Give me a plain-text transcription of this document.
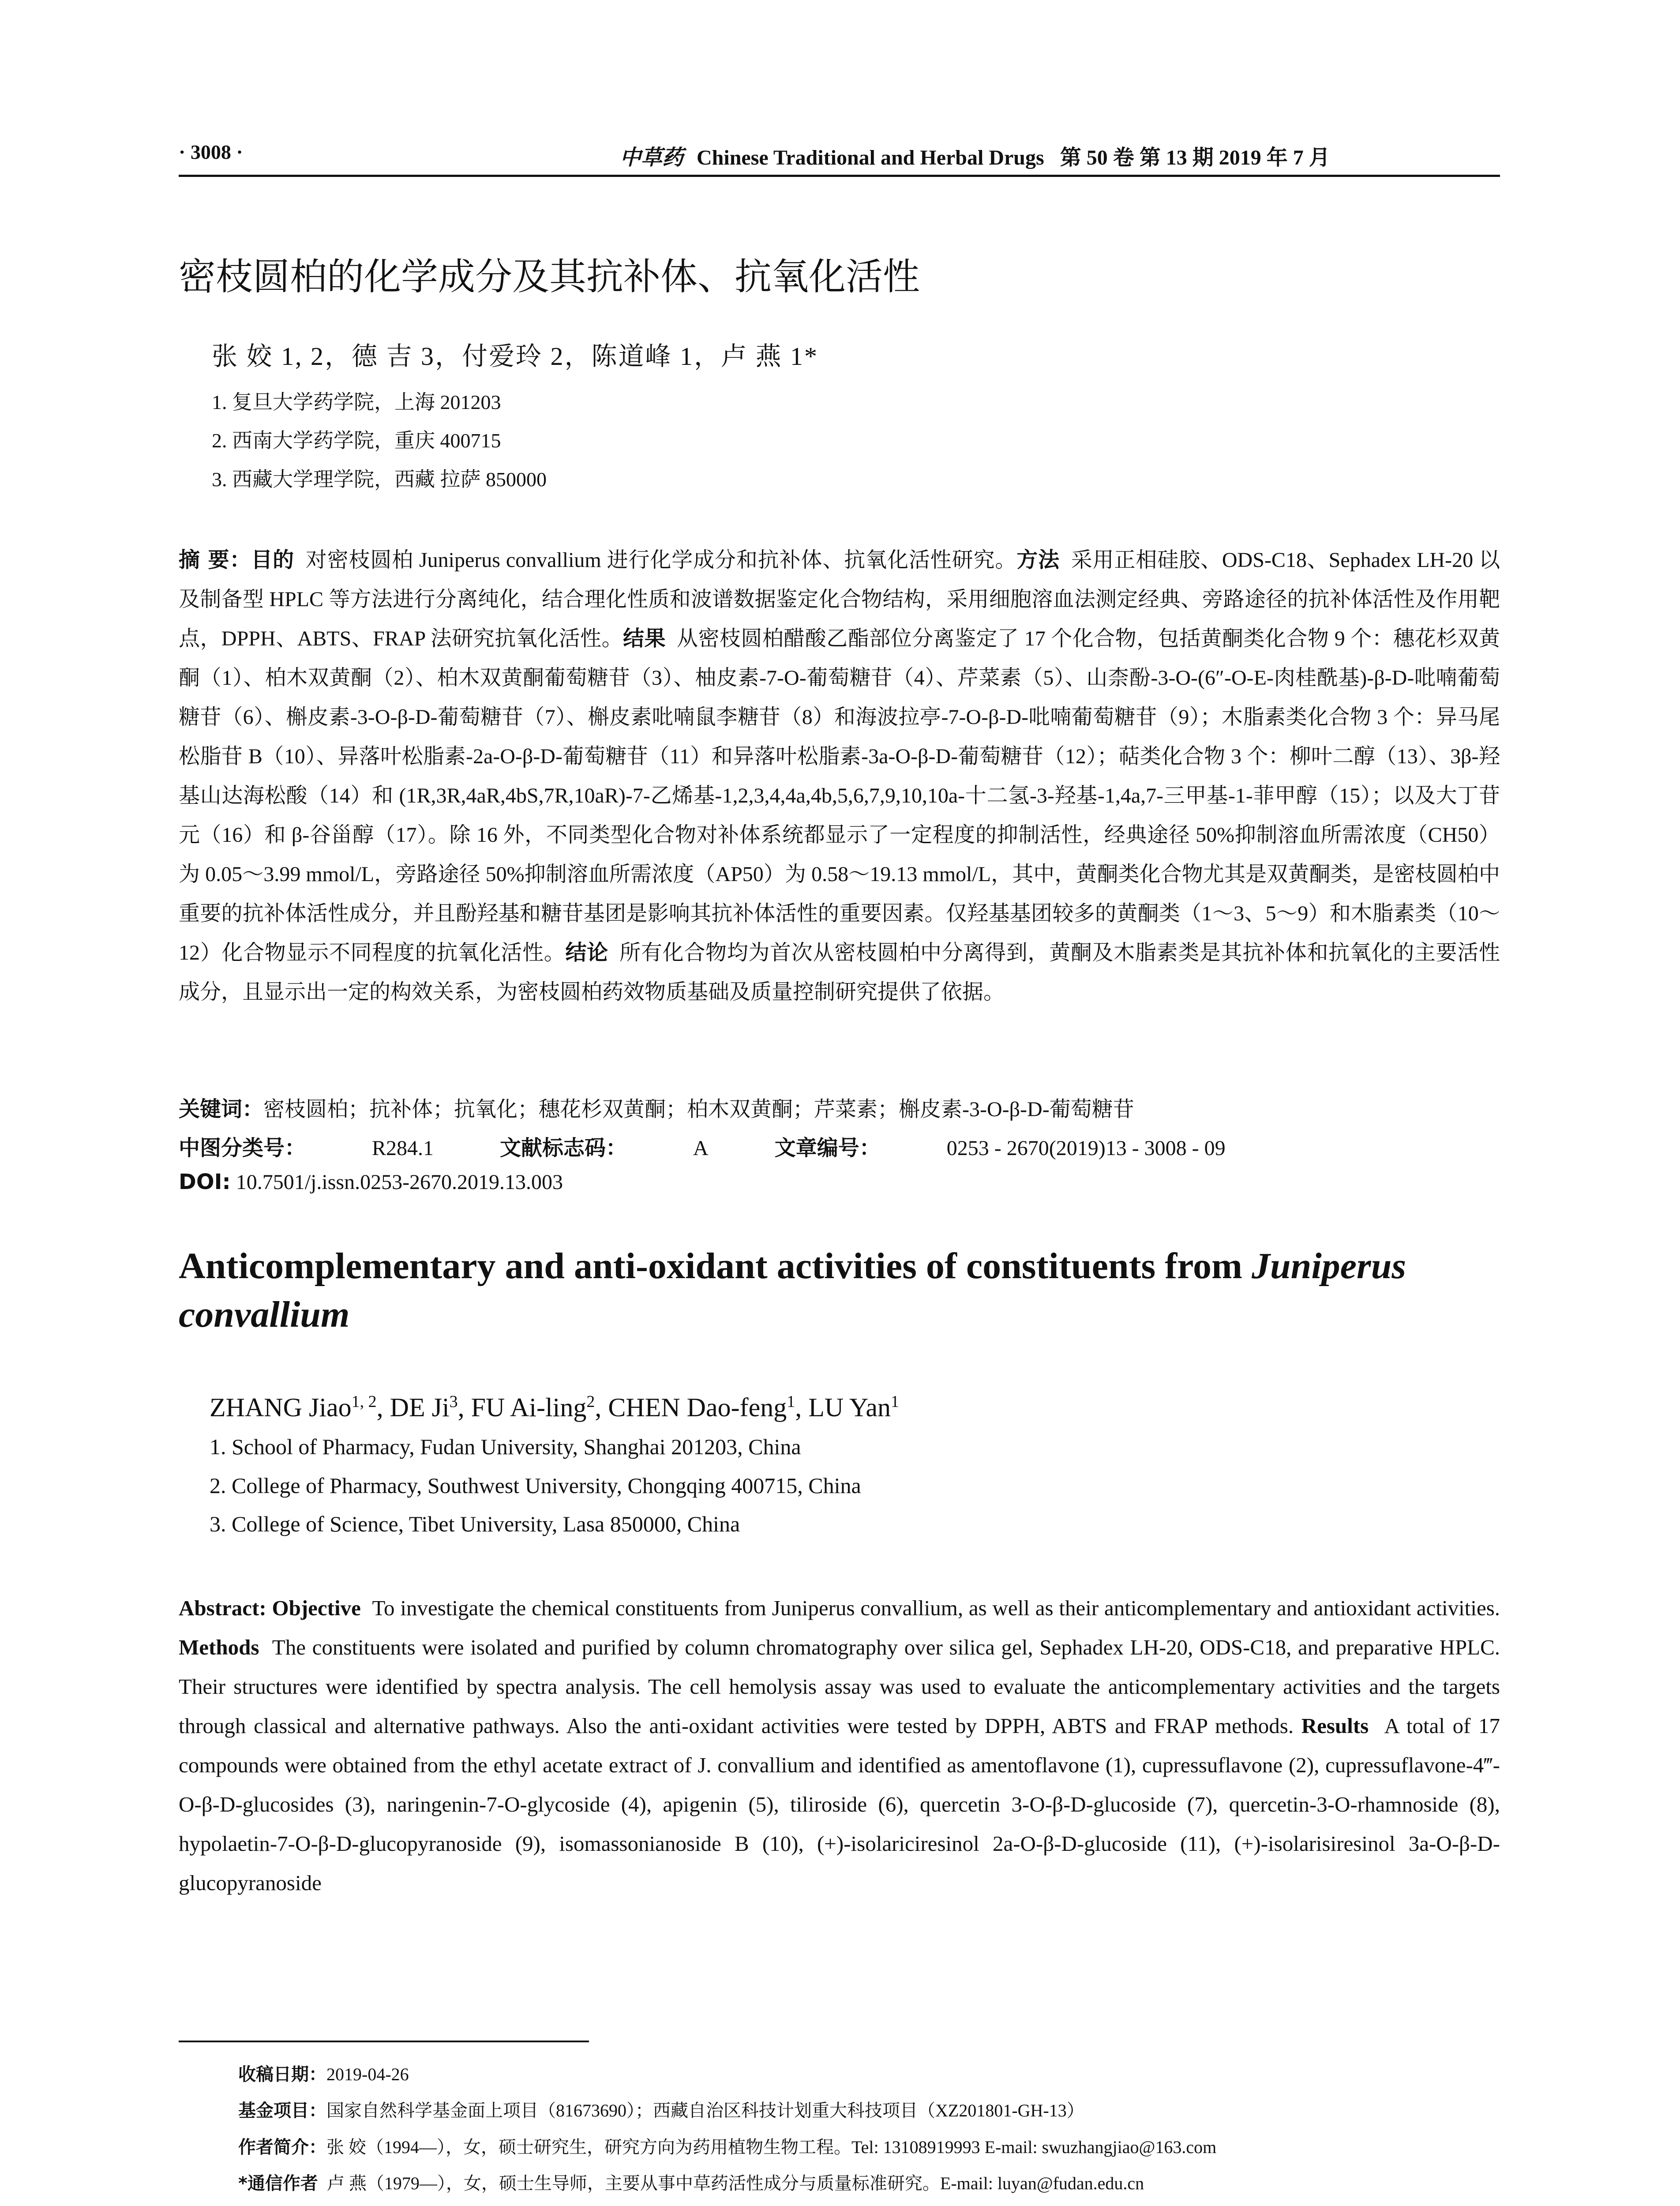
· 3008 ·	中草药 Chinese Traditional and Herbal Drugs 第 50 卷 第 13 期 2019 年 7 月
密枝圆柏的化学成分及其抗补体、抗氧化活性
张 姣 1, 2，德 吉 3，付爱玲 2，陈道峰 1，卢 燕 1*
1. 复旦大学药学院，上海 201203
2. 西南大学药学院，重庆 400715
3. 西藏大学理学院，西藏 拉萨 850000
摘 要：目的 对密枝圆柏 Juniperus convallium 进行化学成分和抗补体、抗氧化活性研究。方法 采用正相硅胶、ODS-C18、Sephadex LH-20 以及制备型 HPLC 等方法进行分离纯化，结合理化性质和波谱数据鉴定化合物结构，采用细胞溶血法测定经典、旁路途径的抗补体活性及作用靶点，DPPH、ABTS、FRAP 法研究抗氧化活性。结果 从密枝圆柏醋酸乙酯部位分离鉴定了 17 个化合物，包括黄酮类化合物 9 个：穗花杉双黄酮（1）、柏木双黄酮（2）、柏木双黄酮葡萄糖苷（3）、柚皮素-7-O-葡萄糖苷（4）、芹菜素（5）、山柰酚-3-O-(6″-O-E-肉桂酰基)-β-D-吡喃葡萄糖苷（6）、槲皮素-3-O-β-D-葡萄糖苷（7）、槲皮素吡喃鼠李糖苷（8）和海波拉亭-7-O-β-D-吡喃葡萄糖苷（9）；木脂素类化合物 3 个：异马尾松脂苷 B（10）、异落叶松脂素-2a-O-β-D-葡萄糖苷（11）和异落叶松脂素-3a-O-β-D-葡萄糖苷（12）；萜类化合物 3 个：柳叶二醇（13）、3β-羟基山达海松酸（14）和 (1R,3R,4aR,4bS,7R,10aR)-7-乙烯基-1,2,3,4,4a,4b,5,6,7,9,10,10a-十二氢-3-羟基-1,4a,7-三甲基-1-菲甲醇（15）；以及大丁苷元（16）和 β-谷甾醇（17）。除 16 外，不同类型化合物对补体系统都显示了一定程度的抑制活性，经典途径 50%抑制溶血所需浓度（CH50）为 0.05～3.99 mmol/L，旁路途径 50%抑制溶血所需浓度（AP50）为 0.58～19.13 mmol/L，其中，黄酮类化合物尤其是双黄酮类，是密枝圆柏中重要的抗补体活性成分，并且酚羟基和糖苷基团是影响其抗补体活性的重要因素。仅羟基基团较多的黄酮类（1～3、5～9）和木脂素类（10～12）化合物显示不同程度的抗氧化活性。结论 所有化合物均为首次从密枝圆柏中分离得到，黄酮及木脂素类是其抗补体和抗氧化的主要活性成分，且显示出一定的构效关系，为密枝圆柏药效物质基础及质量控制研究提供了依据。
关键词：密枝圆柏；抗补体；抗氧化；穗花杉双黄酮；柏木双黄酮；芹菜素；槲皮素-3-O-β-D-葡萄糖苷
中图分类号：	R284.1	文献标志码：	A	文章编号：	0253 - 2670(2019)13 - 3008 - 09
DOI: 10.7501/j.issn.0253-2670.2019.13.003
Anticomplementary and anti-oxidant activities of constituents from Juniperus convallium
ZHANG Jiao$^{1, 2}$, DE Ji$^3$, FU Ai-ling$^2$, CHEN Dao-feng$^1$, LU Yan$^1$
1. School of Pharmacy, Fudan University, Shanghai 201203, China
2. College of Pharmacy, Southwest University, Chongqing 400715, China
3. College of Science, Tibet University, Lasa 850000, China
Abstract: Objective To investigate the chemical constituents from Juniperus convallium, as well as their anticomplementary and antioxidant activities. Methods The constituents were isolated and purified by column chromatography over silica gel, Sephadex LH-20, ODS-C18, and preparative HPLC. Their structures were identified by spectra analysis. The cell hemolysis assay was used to evaluate the anticomplementary activities and the targets through classical and alternative pathways. Also the anti-oxidant activities were tested by DPPH, ABTS and FRAP methods. Results A total of 17 compounds were obtained from the ethyl acetate extract of J. convallium and identified as amentoflavone (1), cupressuflavone (2), cupressuflavone-4‴-O-β-D-glucosides (3), naringenin-7-O-glycoside (4), apigenin (5), tiliroside (6), quercetin 3-O-β-D-glucoside (7), quercetin-3-O-rhamnoside (8), hypolaetin-7-O-β-D-glucopyranoside (9), isomassonianoside B (10), (+)-isolariciresinol 2a-O-β-D-glucoside (11), (+)-isolarisiresinol 3a-O-β-D-glucopyranoside
收稿日期：2019-04-26
基金项目：国家自然科学基金面上项目（81673690）；西藏自治区科技计划重大科技项目（XZ201801-GH-13）
作者简介：张 姣（1994—），女，硕士研究生，研究方向为药用植物生物工程。Tel: 13108919993 E-mail: swuzhangjiao@163.com
*通信作者 卢 燕（1979—），女，硕士生导师，主要从事中草药活性成分与质量标准研究。E-mail: luyan@fudan.edu.cn
